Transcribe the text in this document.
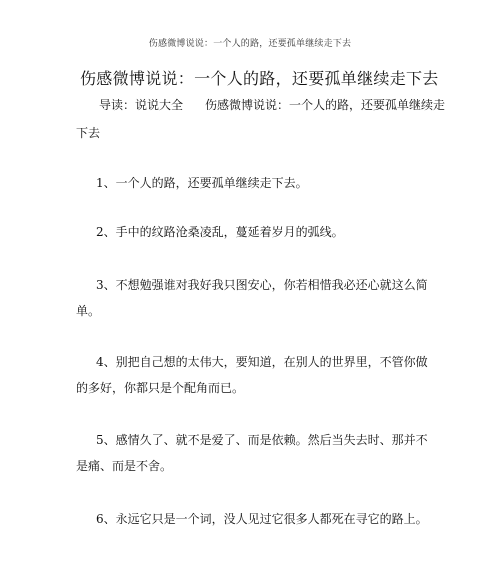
伤感微博说说：一个人的路，还要孤单继续走下去
伤感微博说说：一个人的路，还要孤单继续走下去
导读：说说大全 伤感微博说说：一个人的路，还要孤单继续走
下去

1、一个人的路，还要孤单继续走下去。

2、手中的纹路沧桑凌乱，蔓延着岁月的弧线。

3、不想勉强谁对我好我只图安心，你若相惜我必还心就这么简

单。

4、别把自己想的太伟大，要知道，在别人的世界里，不管你做

的多好，你都只是个配角而已。

5、感情久了、就不是爱了、而是依赖。然后当失去时、那并不

是痛、而是不舍。

6、永远它只是一个词，没人见过它很多人都死在寻它的路上。
